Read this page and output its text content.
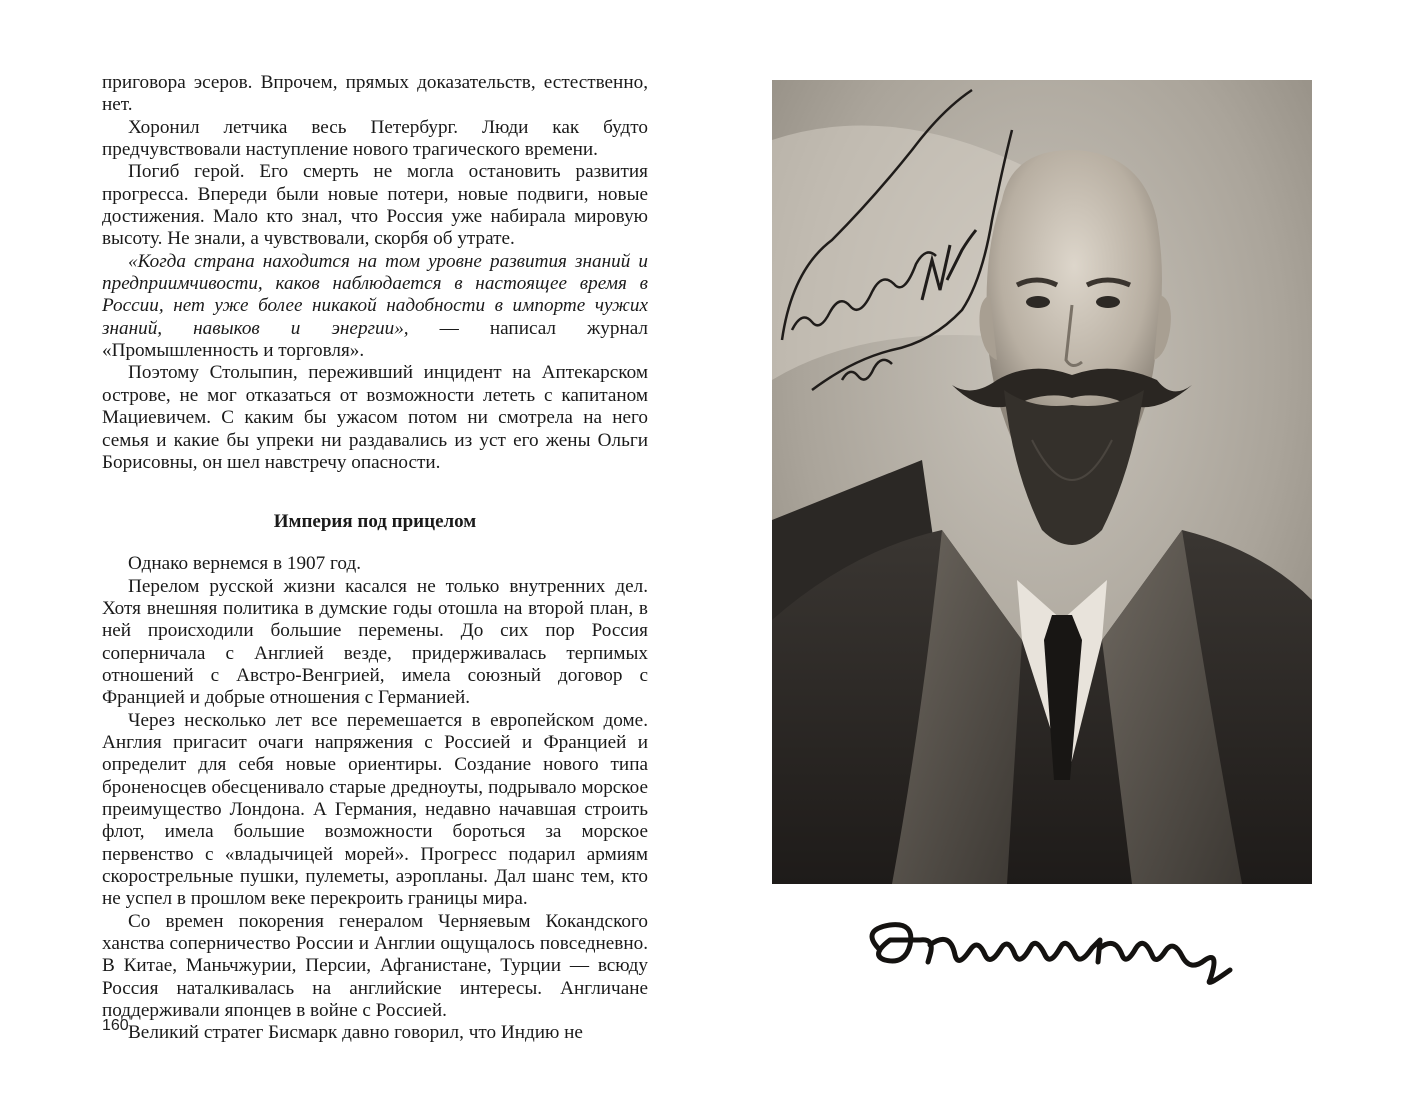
приговора эсеров. Впрочем, прямых доказательств, естественно, нет.

Хоронил летчика весь Петербург. Люди как будто предчувствовали наступление нового трагического времени.

Погиб герой. Его смерть не могла остановить развития прогресса. Впереди были новые потери, новые подвиги, новые достижения. Мало кто знал, что Россия уже набирала мировую высоту. Не знали, а чувствовали, скорбя об утрате.

«Когда страна находится на том уровне развития знаний и предприимчивости, каков наблюдается в настоящее время в России, нет уже более никакой надобности в импорте чужих знаний, навыков и энергии», — написал журнал «Промышленность и торговля».

Поэтому Столыпин, переживший инцидент на Аптекарском острове, не мог отказаться от возможности лететь с капитаном Мациевичем. С каким бы ужасом потом ни смотрела на него семья и какие бы упреки ни раздавались из уст его жены Ольги Борисовны, он шел навстречу опасности.

Империя под прицелом

Однако вернемся в 1907 год.

Перелом русской жизни касался не только внутренних дел. Хотя внешняя политика в думские годы отошла на второй план, в ней происходили большие перемены. До сих пор Россия соперничала с Англией везде, придерживалась терпимых отношений с Австро-Венгрией, имела союзный договор с Францией и добрые отношения с Германией.

Через несколько лет все перемешается в европейском доме. Англия пригасит очаги напряжения с Россией и Францией и определит для себя новые ориентиры. Создание нового типа броненосцев обесценивало старые дредноуты, подрывало морское преимущество Лондона. А Германия, недавно начавшая строить флот, имела большие возможности бороться за морское первенство с «владычицей морей». Прогресс подарил армиям скорострельные пушки, пулеметы, аэропланы. Дал шанс тем, кто не успел в прошлом веке перекроить границы мира.

Со времен покорения генералом Черняевым Кокандского ханства соперничество России и Англии ощущалось повседневно. В Китае, Маньчжурии, Персии, Афганистане, Турции — всюду Россия наталкивалась на английские интересы. Англичане поддерживали японцев в войне с Россией.

Великий стратег Бисмарк давно говорил, что Индию не

160
